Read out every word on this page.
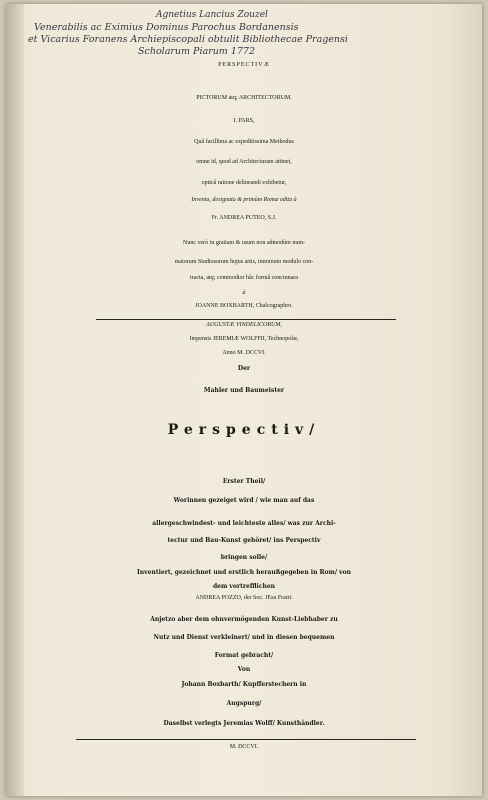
Agnetius Lancius Zouzel
Venerabilis ac Eximius Dominus Parochus Bordanensis
et Vicarius Foranens Archiepiscopali obtulit Bibliothecae Pragensi
Scholarum Piarum 1772
PERSPECTIVÆ
PICTORUM atq; ARCHITECTORUM.
I. PARS,
Quâ facillima ac expeditissima Methodus
omne id, quod ad Architecturam attinet,
opticâ ratione delineandi exhibetur,
Inventa, designata & primùm Romæ edita à
Fr. ANDREA PUTEO, S.J.
Nunc verò in gratiam & usum non admodùm num-
matorum Studiosorum hujus artis, imminuto modulo con-
tracta, atq; commodior hâc formâ concinnara
à
JOANNE BOXBARTH, Chalcographro.
AUGUSTÆ VINDELICORUM,
Impensis JEREMIÆ WOLFFII, Technopolæ,
Anno M. DCCVI.
Der
Mahler und Baumeister
Perspectiv/
Erster Theil/
Worinnen gezeiget wird / wie man auf das
allergeschwindest- und leichteste alles/ was zur Archi-
tectur und Bau-Kunst gehöret/ ins Perspectiv
bringen solle/
Inventiert, gezeichnet und erstlich heraußgegeben in Rom/ von
dem vortrefflichen
ANDREA POZZO, der Soc. JEsu Fratri.
Anjetzo aber dem ohnvermögenden Kunst-Liebhaber zu
Nutz und Dienst verkleinert/ und in diesen bequemen
Format gebracht/
Von
Johann Boxbarth/ Kupfferstechern in
Augspurg/
Daselbst verlegts Jeremias Wolff/ Kunsthändler.
M. DCCVI.
